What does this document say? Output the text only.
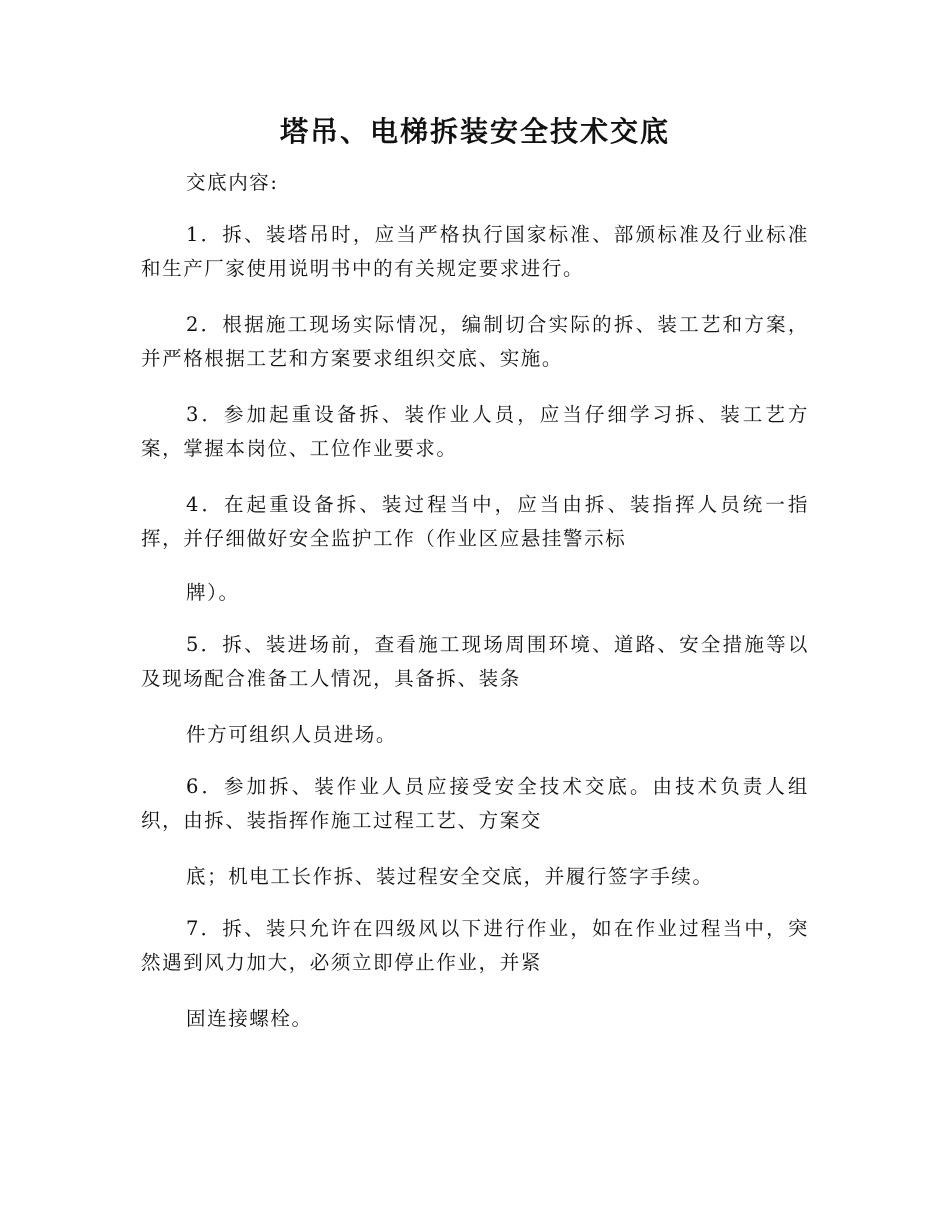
塔吊、电梯拆装安全技术交底
交底内容:
1．拆、装塔吊时，应当严格执行国家标准、部颁标准及行业标准和生产厂家使用说明书中的有关规定要求进行。
2．根据施工现场实际情况，编制切合实际的拆、装工艺和方案，并严格根据工艺和方案要求组织交底、实施。
3．参加起重设备拆、装作业人员，应当仔细学习拆、装工艺方案，掌握本岗位、工位作业要求。
4．在起重设备拆、装过程当中，应当由拆、装指挥人员统一指挥，并仔细做好安全监护工作（作业区应悬挂警示标
牌）。
5．拆、装进场前，查看施工现场周围环境、道路、安全措施等以及现场配合准备工人情况，具备拆、装条
件方可组织人员进场。
6．参加拆、装作业人员应接受安全技术交底。由技术负责人组织，由拆、装指挥作施工过程工艺、方案交
底；机电工长作拆、装过程安全交底，并履行签字手续。
7．拆、装只允许在四级风以下进行作业，如在作业过程当中，突然遇到风力加大，必须立即停止作业，并紧
固连接螺栓。
